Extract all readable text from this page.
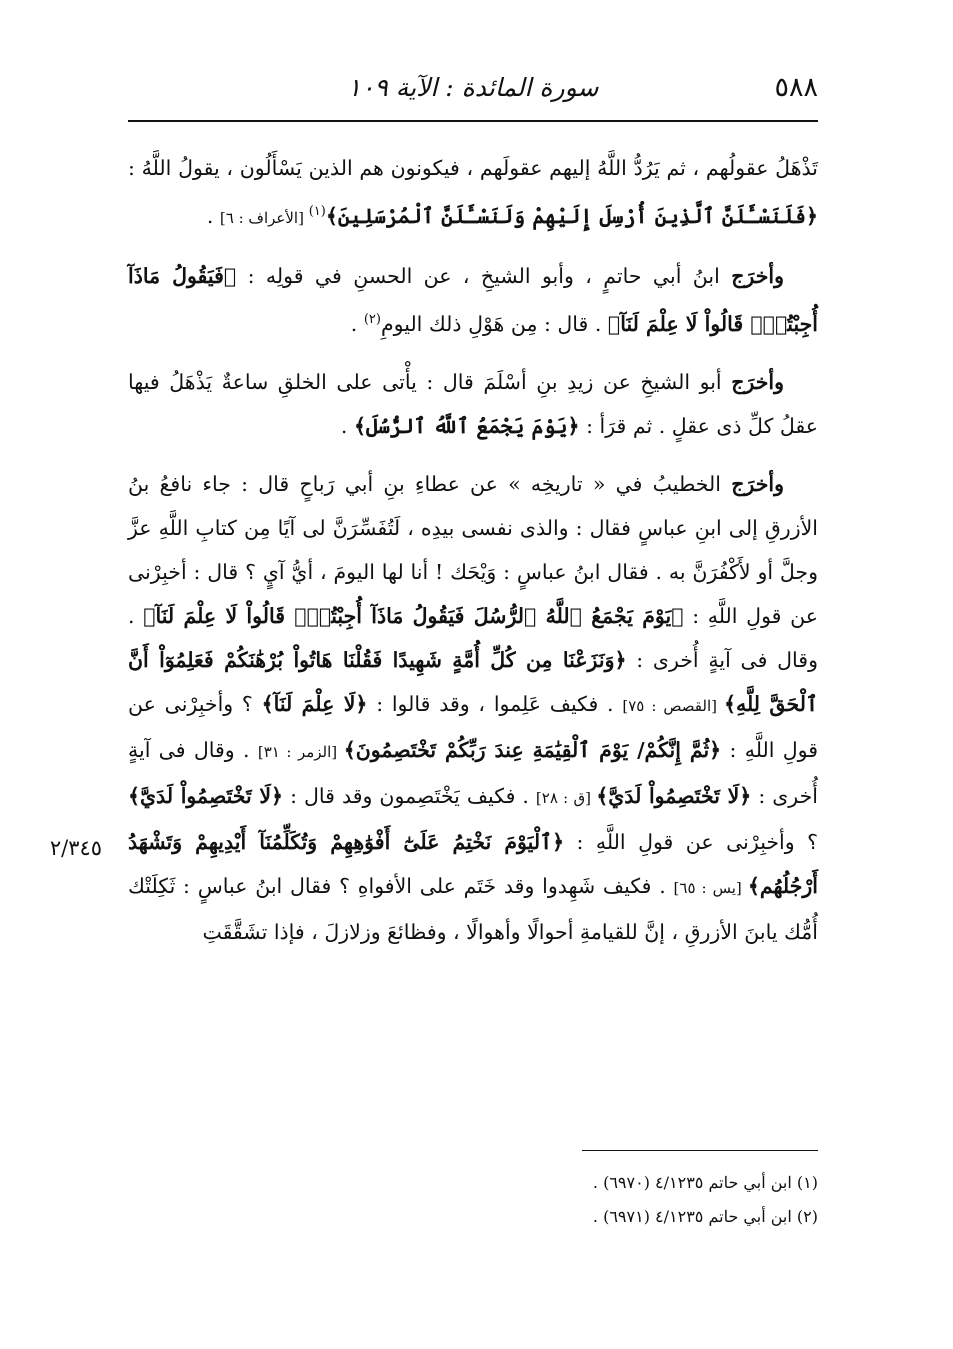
٥٨٨
سورة المائدة : الآية ١٠٩

تَذْهَلُ عقولُهم ، ثم يَرُدُّ اللَّهُ إليهم عقولَهم ، فيكونون هم الذين يَسْأَلُون ، يقولُ اللَّهُ : ﴿فَلَنَسْـَٔلَنَّ ٱلَّذِينَ أُرْسِلَ إِلَيْهِمْ وَلَنَسْـَٔلَنَّ ٱلْمُرْسَلِينَ﴾$^{(١)}$ [الأعراف : ٦] .

وأخرَج ابنُ أبي حاتمٍ ، وأبو الشيخِ ، عن الحسنِ في قولِه : ﴿فَيَقُولُ مَاذَآ أُجِبْتُمْۖ قَالُواْ لَا عِلْمَ لَنَآ﴾ . قال : مِن هَوْلِ ذلك اليومِ$^{(٢)}$ .

وأخرَج أبو الشيخِ عن زيدِ بنِ أسْلَمَ قال : يأْتى على الخلقِ ساعةٌ يَذْهَلُ فيها عقلُ كلِّ ذى عقلٍ . ثم قرَأ : ﴿يَوْمَ يَجْمَعُ ٱللَّهُ ٱلرُّسُلَ﴾ .

وأخرَج الخطيبُ في « تاريخِه » عن عطاءِ بنِ أبي رَباحٍ قال : جاء نافعُ بنُ الأزرقِ إلى ابنِ عباسٍ فقال : والذى نفسى بيدِه ، لَتُفَسِّرَنَّ لى آيًا مِن كتابِ اللَّهِ عزَّ وجلَّ أو لأَكْفُرَنَّ به . فقال ابنُ عباسٍ : وَيْحَك ! أنا لها اليومَ ، أيُّ آيٍ ؟ قال : أخبِرْنى عن قولِ اللَّهِ : ﴿يَوْمَ يَجْمَعُ ٱللَّهُ ٱلرُّسُلَ فَيَقُولُ مَاذَآ أُجِبْتُمْۖ قَالُواْ لَا عِلْمَ لَنَآ﴾ . وقال فى آيةٍ أُخرى : ﴿وَنَزَعْنَا مِن كُلِّ أُمَّةٍ شَهِيدًا فَقُلْنَا هَاتُواْ بُرْهَٰنَكُمْ فَعَلِمُوٓاْ أَنَّ ٱلْحَقَّ لِلَّهِ﴾ [القصص : ٧٥] . فكيف عَلِموا ، وقد قالوا : ﴿لَا عِلْمَ لَنَآ﴾ ؟ وأخبِرْنى عن قولِ اللَّهِ : ﴿ثُمَّ إِنَّكُمْ/ يَوْمَ ٱلْقِيَٰمَةِ عِندَ رَبِّكُمْ تَخْتَصِمُونَ﴾ [الزمر : ٣١] . وقال فى آيةٍ أُخرى : ﴿لَا تَخْتَصِمُواْ لَدَيَّ﴾ [ق : ٢٨] . فكيف يَخْتَصِمون وقد قال : ﴿لَا تَخْتَصِمُواْ لَدَيَّ﴾ ؟ وأخبِرْنى عن قولِ اللَّهِ : ﴿ٱلْيَوْمَ نَخْتِمُ عَلَىٰٓ أَفْوَٰهِهِمْ وَتُكَلِّمُنَآ أَيْدِيهِمْ وَتَشْهَدُ أَرْجُلُهُم﴾ [يس : ٦٥] . فكيف شَهِدوا وقد خَتَم على الأفواهِ ؟ فقال ابنُ عباسٍ : ثَكِلَتْك أُمُّك يابنَ الأزرقِ ، إنَّ للقيامةِ أحوالًا وأهوالًا ، وفظائعَ وزلازلَ ، فإذا تشَقَّقَتِ

٢/٣٤٥

(١) ابن أبي حاتم ٤/١٢٣٥ (٦٩٧٠) .

(٢) ابن أبي حاتم ٤/١٢٣٥ (٦٩٧١) .
